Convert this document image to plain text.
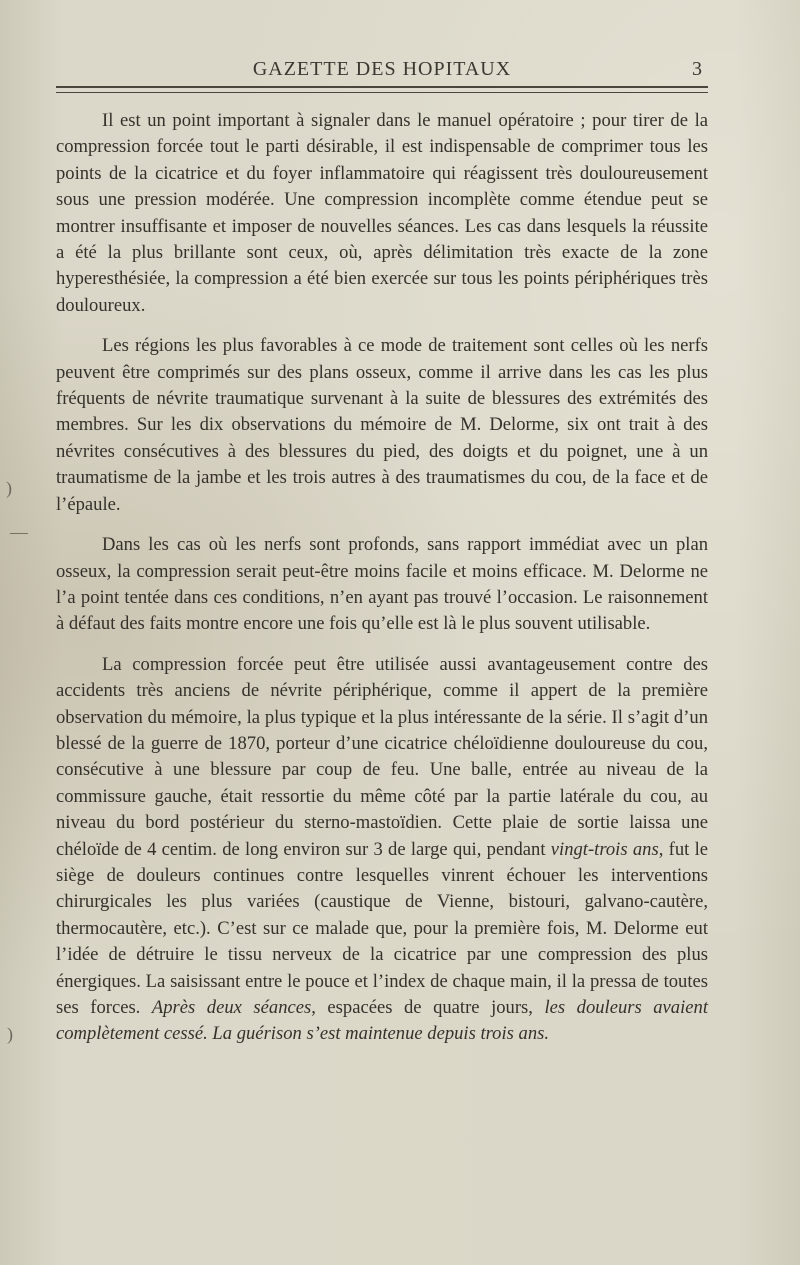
)
—
)
GAZETTE DES HOPITAUX	3

Il est un point important à signaler dans le manuel opératoire ; pour tirer de la compression forcée tout le parti désirable, il est indispensable de comprimer tous les points de la cicatrice et du foyer inflammatoire qui réagissent très douloureusement sous une pression modérée. Une compression incomplète comme étendue peut se montrer insuffisante et imposer de nouvelles séances. Les cas dans lesquels la réussite a été la plus brillante sont ceux, où, après délimitation très exacte de la zone hyperesthésiée, la compression a été bien exercée sur tous les points périphériques très douloureux.

Les régions les plus favorables à ce mode de traitement sont celles où les nerfs peuvent être comprimés sur des plans osseux, comme il arrive dans les cas les plus fréquents de névrite traumatique survenant à la suite de blessures des extrémités des membres. Sur les dix observations du mémoire de M. Delorme, six ont trait à des névrites consécutives à des blessures du pied, des doigts et du poignet, une à un traumatisme de la jambe et les trois autres à des traumatismes du cou, de la face et de l’épaule.

Dans les cas où les nerfs sont profonds, sans rapport immédiat avec un plan osseux, la compression serait peut-être moins facile et moins efficace. M. Delorme ne l’a point tentée dans ces conditions, n’en ayant pas trouvé l’occasion. Le raisonnement à défaut des faits montre encore une fois qu’elle est là le plus souvent utilisable.

La compression forcée peut être utilisée aussi avantageusement contre des accidents très anciens de névrite périphérique, comme il appert de la première observation du mémoire, la plus typique et la plus intéressante de la série. Il s’agit d’un blessé de la guerre de 1870, porteur d’une cicatrice chéloïdienne douloureuse du cou, consécutive à une blessure par coup de feu. Une balle, entrée au niveau de la commissure gauche, était ressortie du même côté par la partie latérale du cou, au niveau du bord postérieur du sterno-mastoïdien. Cette plaie de sortie laissa une chéloïde de 4 centim. de long environ sur 3 de large qui, pendant vingt-trois ans, fut le siège de douleurs continues contre lesquelles vinrent échouer les interventions chirurgicales les plus variées (caustique de Vienne, bistouri, galvano-cautère, thermocautère, etc.). C’est sur ce malade que, pour la première fois, M. Delorme eut l’idée de détruire le tissu nerveux de la cicatrice par une compression des plus énergiques. La saisissant entre le pouce et l’index de chaque main, il la pressa de toutes ses forces. Après deux séances, espacées de quatre jours, les douleurs avaient complètement cessé. La guérison s’est maintenue depuis trois ans.
